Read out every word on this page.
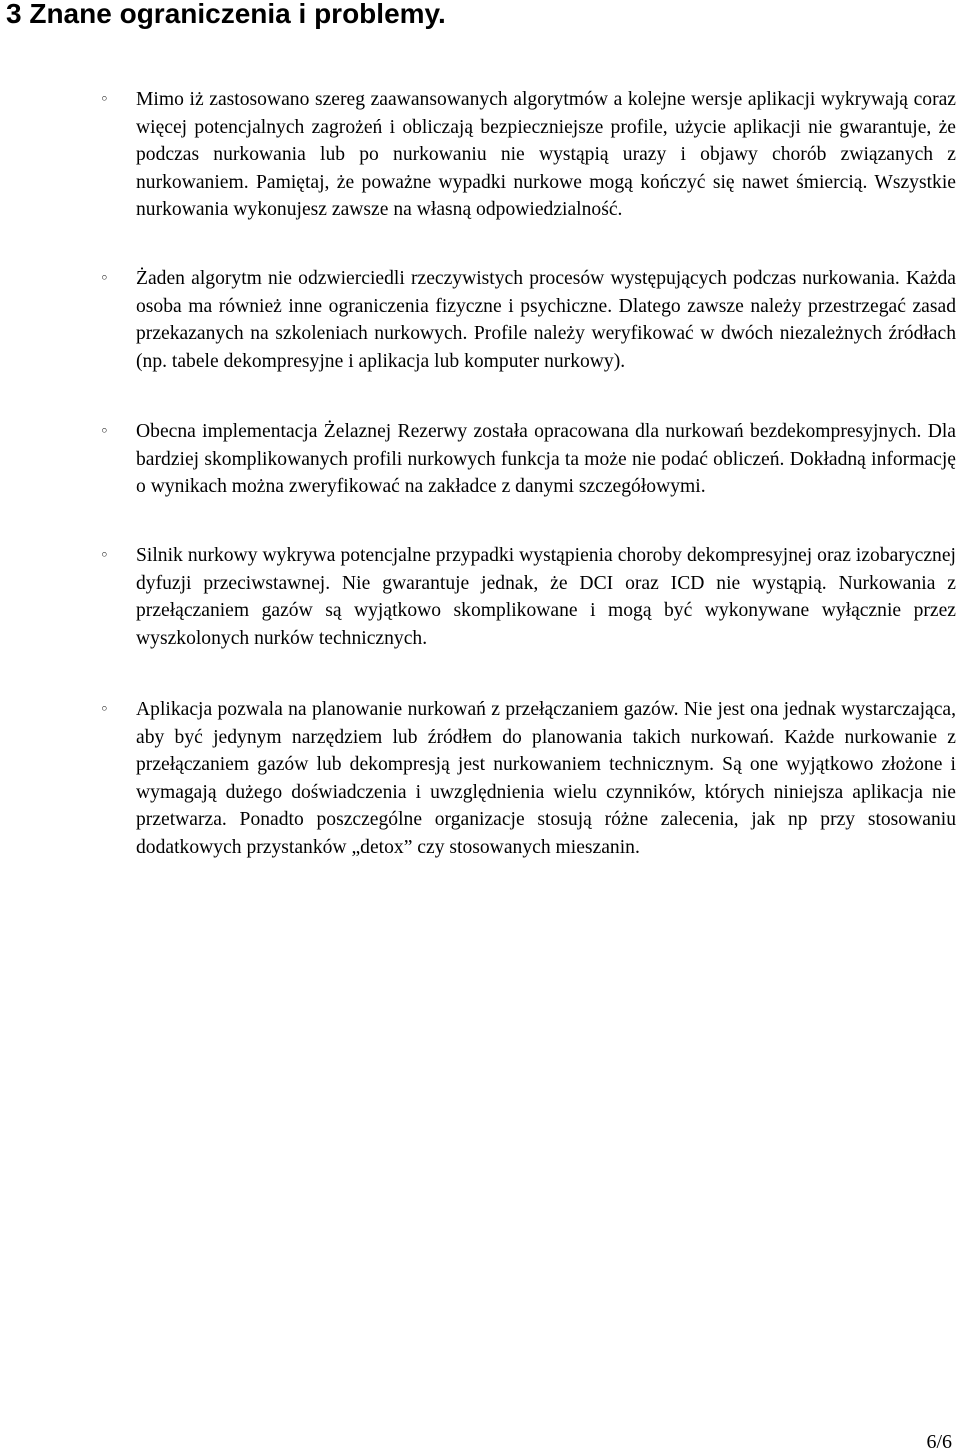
3 Znane ograniczenia i problemy.
◦ Mimo iż zastosowano szereg zaawansowanych algorytmów a kolejne wersje aplikacji wykrywają coraz więcej potencjalnych zagrożeń i obliczają bezpieczniejsze profile, użycie aplikacji nie gwarantuje, że podczas nurkowania lub po nurkowaniu nie wystąpią urazy i objawy chorób związanych z nurkowaniem. Pamiętaj, że poważne wypadki nurkowe mogą kończyć się nawet śmiercią. Wszystkie nurkowania wykonujesz zawsze na własną odpowiedzialność.

◦ Żaden algorytm nie odzwierciedli rzeczywistych procesów występujących podczas nurkowania. Każda osoba ma również inne ograniczenia fizyczne i psychiczne. Dlatego zawsze należy przestrzegać zasad przekazanych na szkoleniach nurkowych. Profile należy weryfikować w dwóch niezależnych źródłach (np. tabele dekompresyjne i aplikacja lub komputer nurkowy).

◦ Obecna implementacja Żelaznej Rezerwy została opracowana dla nurkowań bezdekompresyjnych. Dla bardziej skomplikowanych profili nurkowych funkcja ta może nie podać obliczeń. Dokładną informację o wynikach można zweryfikować na zakładce z danymi szczegółowymi.

◦ Silnik nurkowy wykrywa potencjalne przypadki wystąpienia choroby dekompresyjnej oraz izobarycznej dyfuzji przeciwstawnej. Nie gwarantuje jednak, że DCI oraz ICD nie wystąpią. Nurkowania z przełączaniem gazów są wyjątkowo skomplikowane i mogą być wykonywane wyłącznie przez wyszkolonych nurków technicznych.

◦ Aplikacja pozwala na planowanie nurkowań z przełączaniem gazów. Nie jest ona jednak wystarczająca, aby być jedynym narzędziem lub źródłem do planowania takich nurkowań. Każde nurkowanie z przełączaniem gazów lub dekompresją jest nurkowaniem technicznym. Są one wyjątkowo złożone i wymagają dużego doświadczenia i uwzględnienia wielu czynników, których niniejsza aplikacja nie przetwarza. Ponadto poszczególne organizacje stosują różne zalecenia, jak np przy stosowaniu dodatkowych przystanków „detox” czy stosowanych mieszanin.

6/6
